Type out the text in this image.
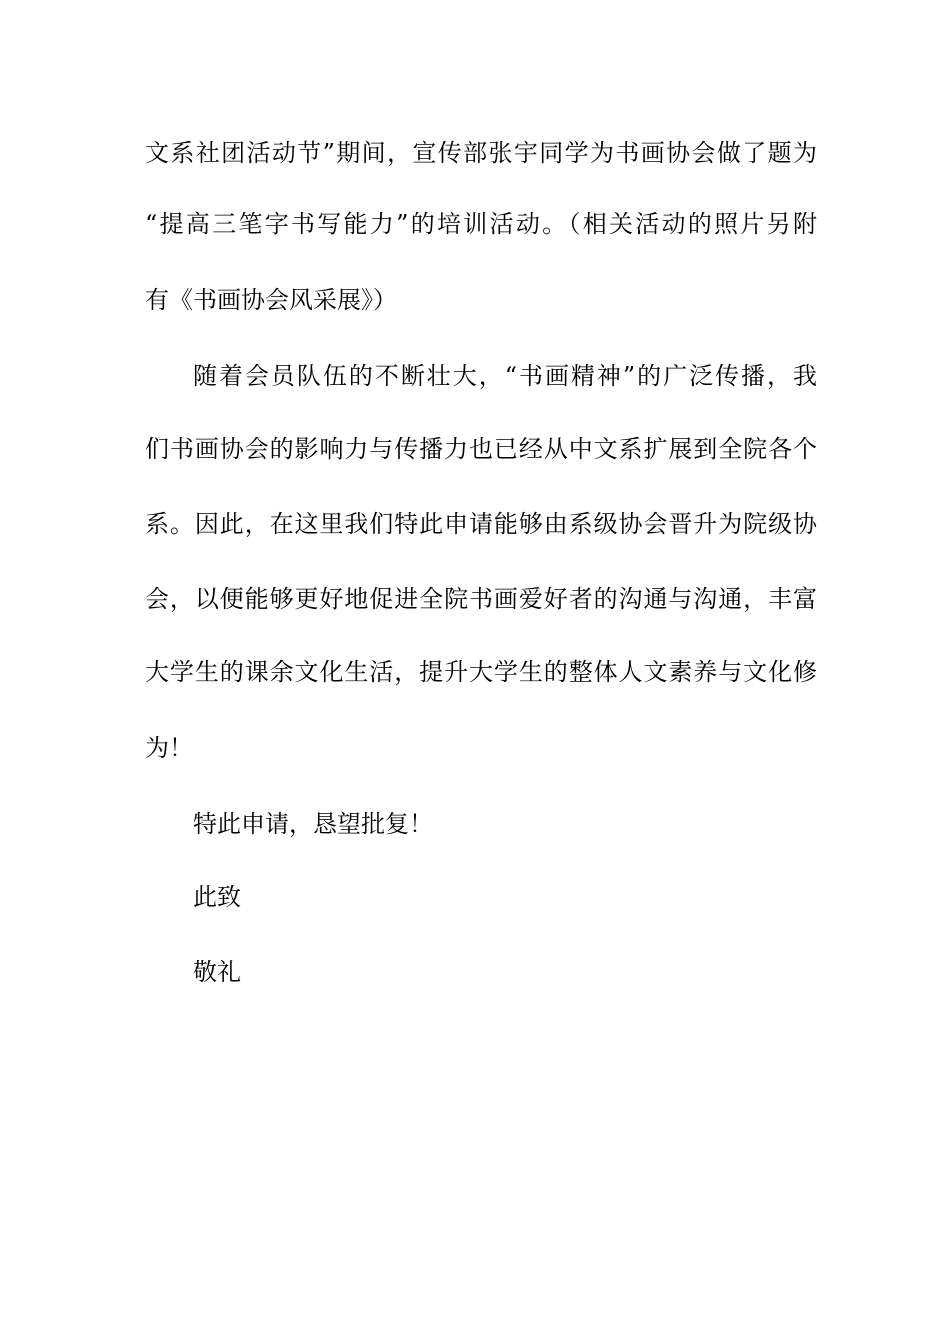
文系社团活动节”期间，宣传部张宇同学为书画协会做了题为
“提高三笔字书写能力”的培训活动。（相关活动的照片另附
有《书画协会风采展》）
随着会员队伍的不断壮大，“书画精神”的广泛传播，我
们书画协会的影响力与传播力也已经从中文系扩展到全院各个
系。因此，在这里我们特此申请能够由系级协会晋升为院级协
会，以便能够更好地促进全院书画爱好者的沟通与沟通，丰富
大学生的课余文化生活，提升大学生的整体人文素养与文化修
为！
特此申请，恳望批复！
此致
敬礼
